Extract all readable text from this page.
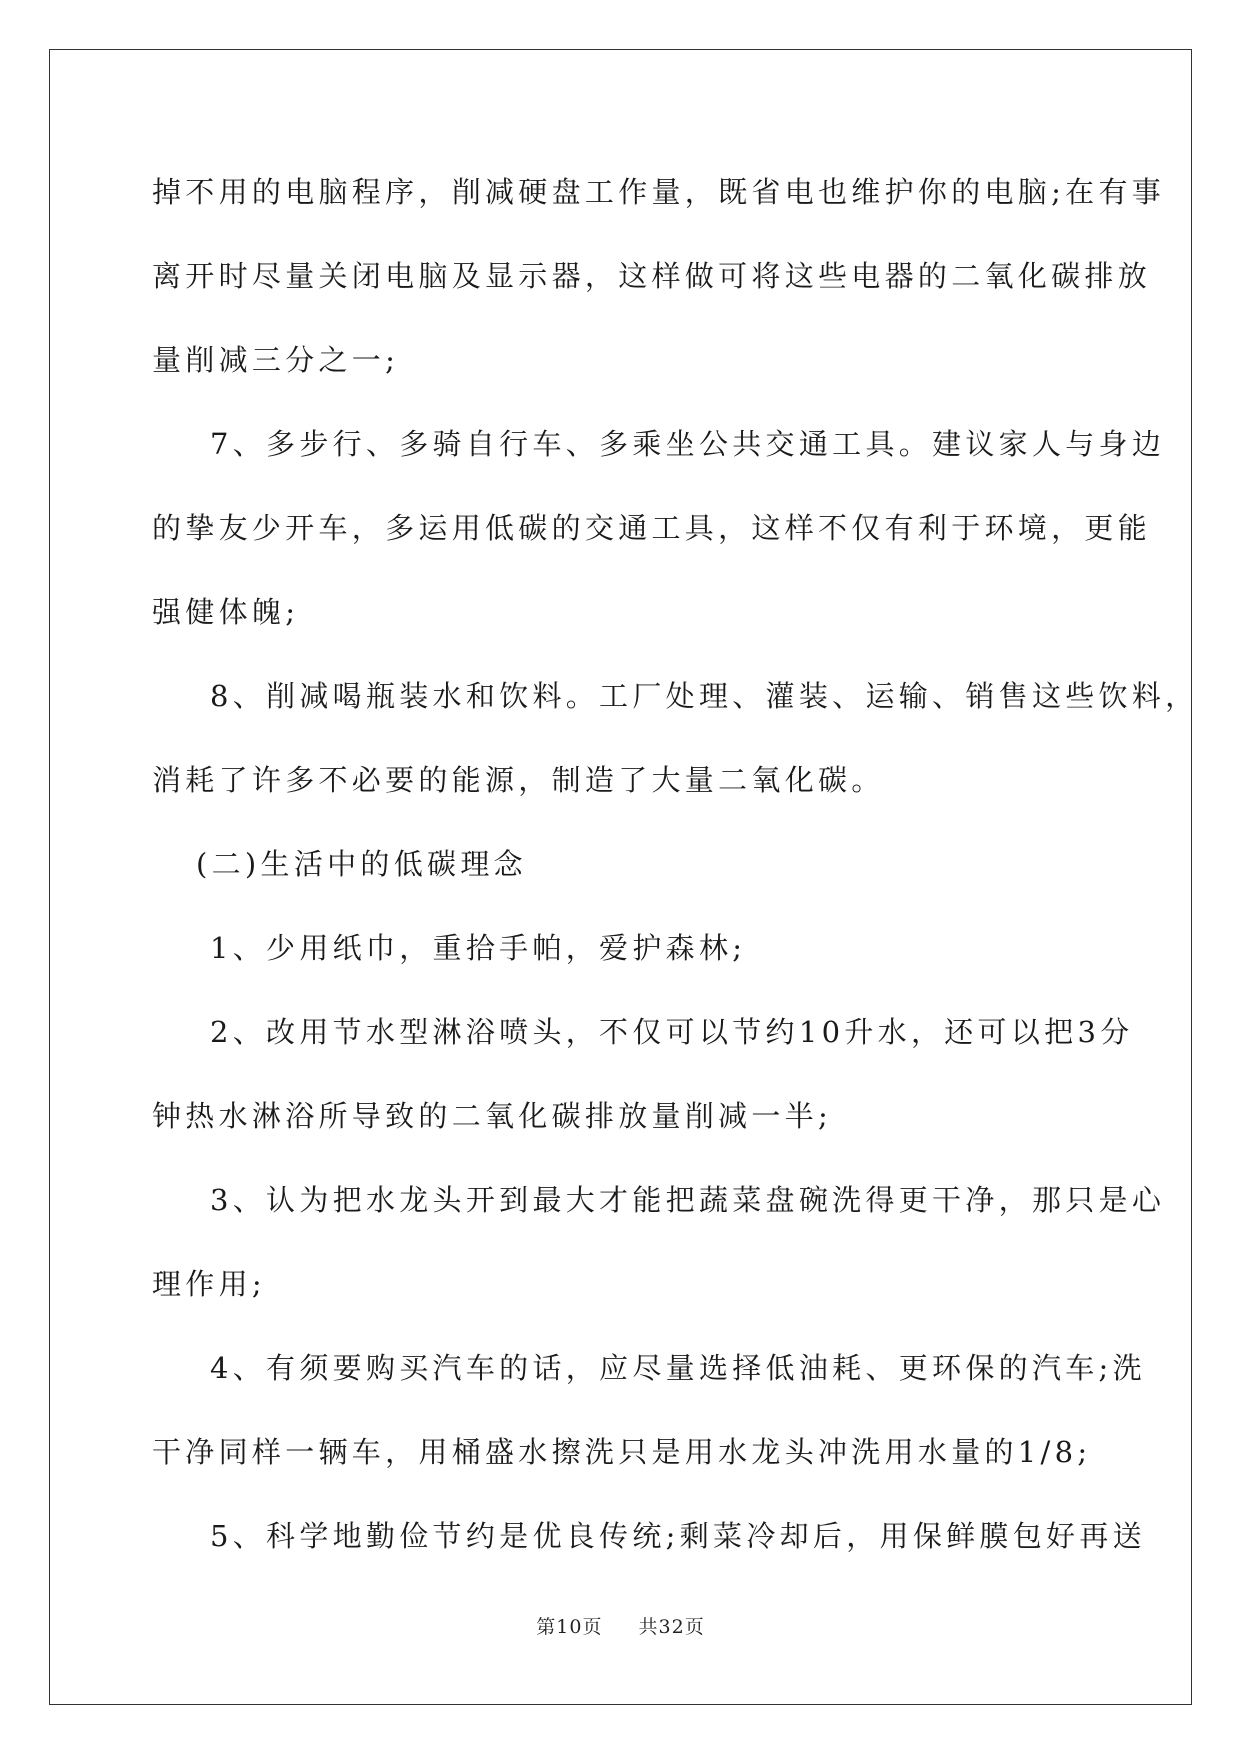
掉不用的电脑程序，削减硬盘工作量，既省电也维护你的电脑;在有事
离开时尽量关闭电脑及显示器，这样做可将这些电器的二氧化碳排放
量削减三分之一;
7、多步行、多骑自行车、多乘坐公共交通工具。建议家人与身边
的挚友少开车，多运用低碳的交通工具，这样不仅有利于环境，更能
强健体魄;
8、削减喝瓶装水和饮料。工厂处理、灌装、运输、销售这些饮料，
消耗了许多不必要的能源，制造了大量二氧化碳。
(二)生活中的低碳理念
1、少用纸巾，重拾手帕，爱护森林;
2、改用节水型淋浴喷头，不仅可以节约10升水，还可以把3分
钟热水淋浴所导致的二氧化碳排放量削减一半;
3、认为把水龙头开到最大才能把蔬菜盘碗洗得更干净，那只是心
理作用;
4、有须要购买汽车的话，应尽量选择低油耗、更环保的汽车;洗
干净同样一辆车，用桶盛水擦洗只是用水龙头冲洗用水量的1/8;
5、科学地勤俭节约是优良传统;剩菜冷却后，用保鲜膜包好再送
第10页 共32页
